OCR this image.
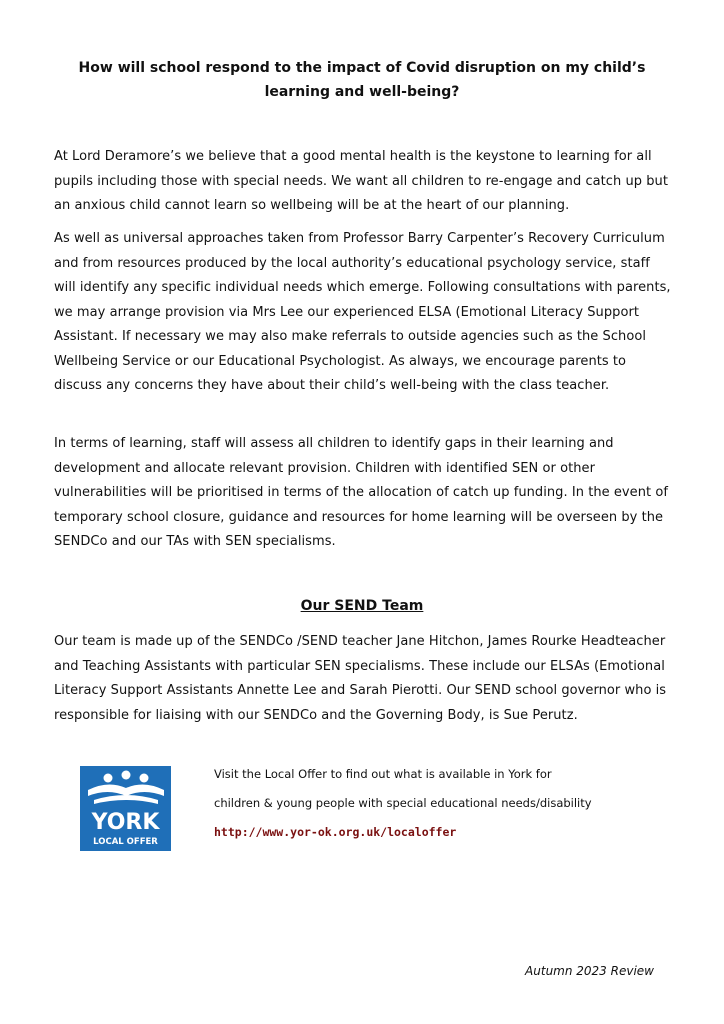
How will school respond to the impact of Covid disruption on my child’s learning and well-being?

At Lord Deramore’s we believe that a good mental health is the keystone to learning for all pupils including those with special needs. We want all children to re-engage and catch up but an anxious child cannot learn so wellbeing will be at the heart of our planning.

As well as universal approaches taken from Professor Barry Carpenter’s Recovery Curriculum and from resources produced by the local authority’s educational psychology service, staff will identify any specific individual needs which emerge. Following consultations with parents, we may arrange provision via Mrs Lee our experienced ELSA (Emotional Literacy Support Assistant. If necessary we may also make referrals to outside agencies such as the School Wellbeing Service or our Educational Psychologist. As always, we encourage parents to discuss any concerns they have about their child’s well-being with the class teacher.

In terms of learning, staff will assess all children to identify gaps in their learning and development and allocate relevant provision. Children with identified SEN or other vulnerabilities will be prioritised in terms of the allocation of catch up funding. In the event of temporary school closure, guidance and resources for home learning will be overseen by the SENDCo and our TAs with SEN specialisms.

Our SEND Team

Our team is made up of the SENDCo /SEND teacher Jane Hitchon, James Rourke Headteacher and Teaching Assistants with particular SEN specialisms. These include our ELSAs (Emotional Literacy Support Assistants Annette Lee and Sarah Pierotti. Our SEND school governor who is responsible for liaising with our SENDCo and the Governing Body, is Sue Perutz.

YORK
LOCAL OFFER

Visit the Local Offer to find out what is available in York for

children & young people with special educational needs/disability

http://www.yor-ok.org.uk/localoffer

Autumn 2023 Review
